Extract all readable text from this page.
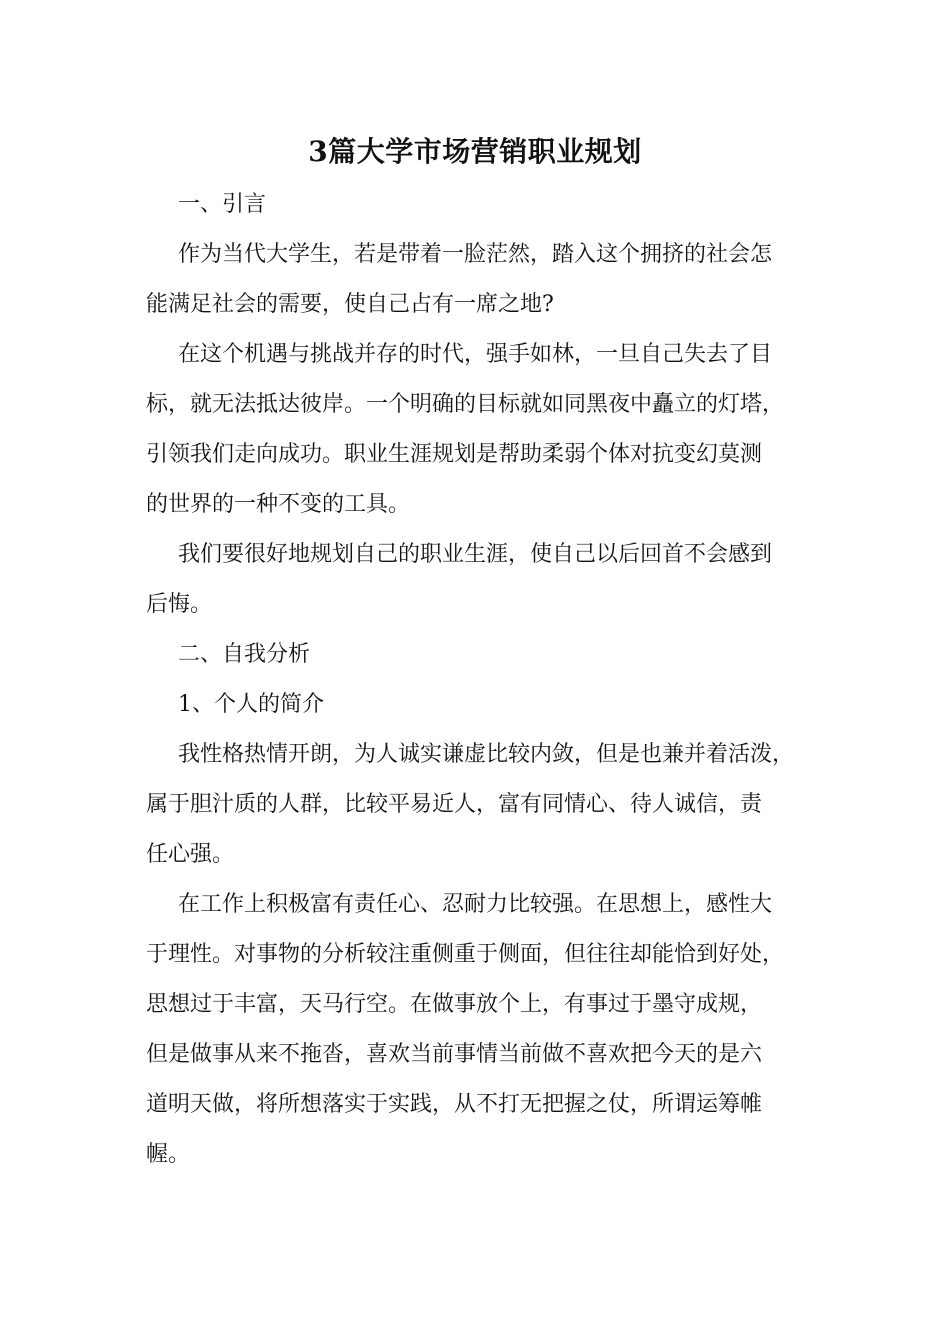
3篇大学市场营销职业规划
一、引言
作为当代大学生，若是带着一脸茫然，踏入这个拥挤的社会怎
能满足社会的需要，使自己占有一席之地?
在这个机遇与挑战并存的时代，强手如林，一旦自己失去了目
标，就无法抵达彼岸。一个明确的目标就如同黑夜中矗立的灯塔，
引领我们走向成功。职业生涯规划是帮助柔弱个体对抗变幻莫测
的世界的一种不变的工具。
我们要很好地规划自己的职业生涯，使自己以后回首不会感到
后悔。
二、自我分析
1、个人的简介
我性格热情开朗，为人诚实谦虚比较内敛，但是也兼并着活泼，
属于胆汁质的人群，比较平易近人，富有同情心、待人诚信，责
任心强。
在工作上积极富有责任心、忍耐力比较强。在思想上，感性大
于理性。对事物的分析较注重侧重于侧面，但往往却能恰到好处，
思想过于丰富，天马行空。在做事放个上，有事过于墨守成规，
但是做事从来不拖沓，喜欢当前事情当前做不喜欢把今天的是六
道明天做，将所想落实于实践，从不打无把握之仗，所谓运筹帷
幄。
